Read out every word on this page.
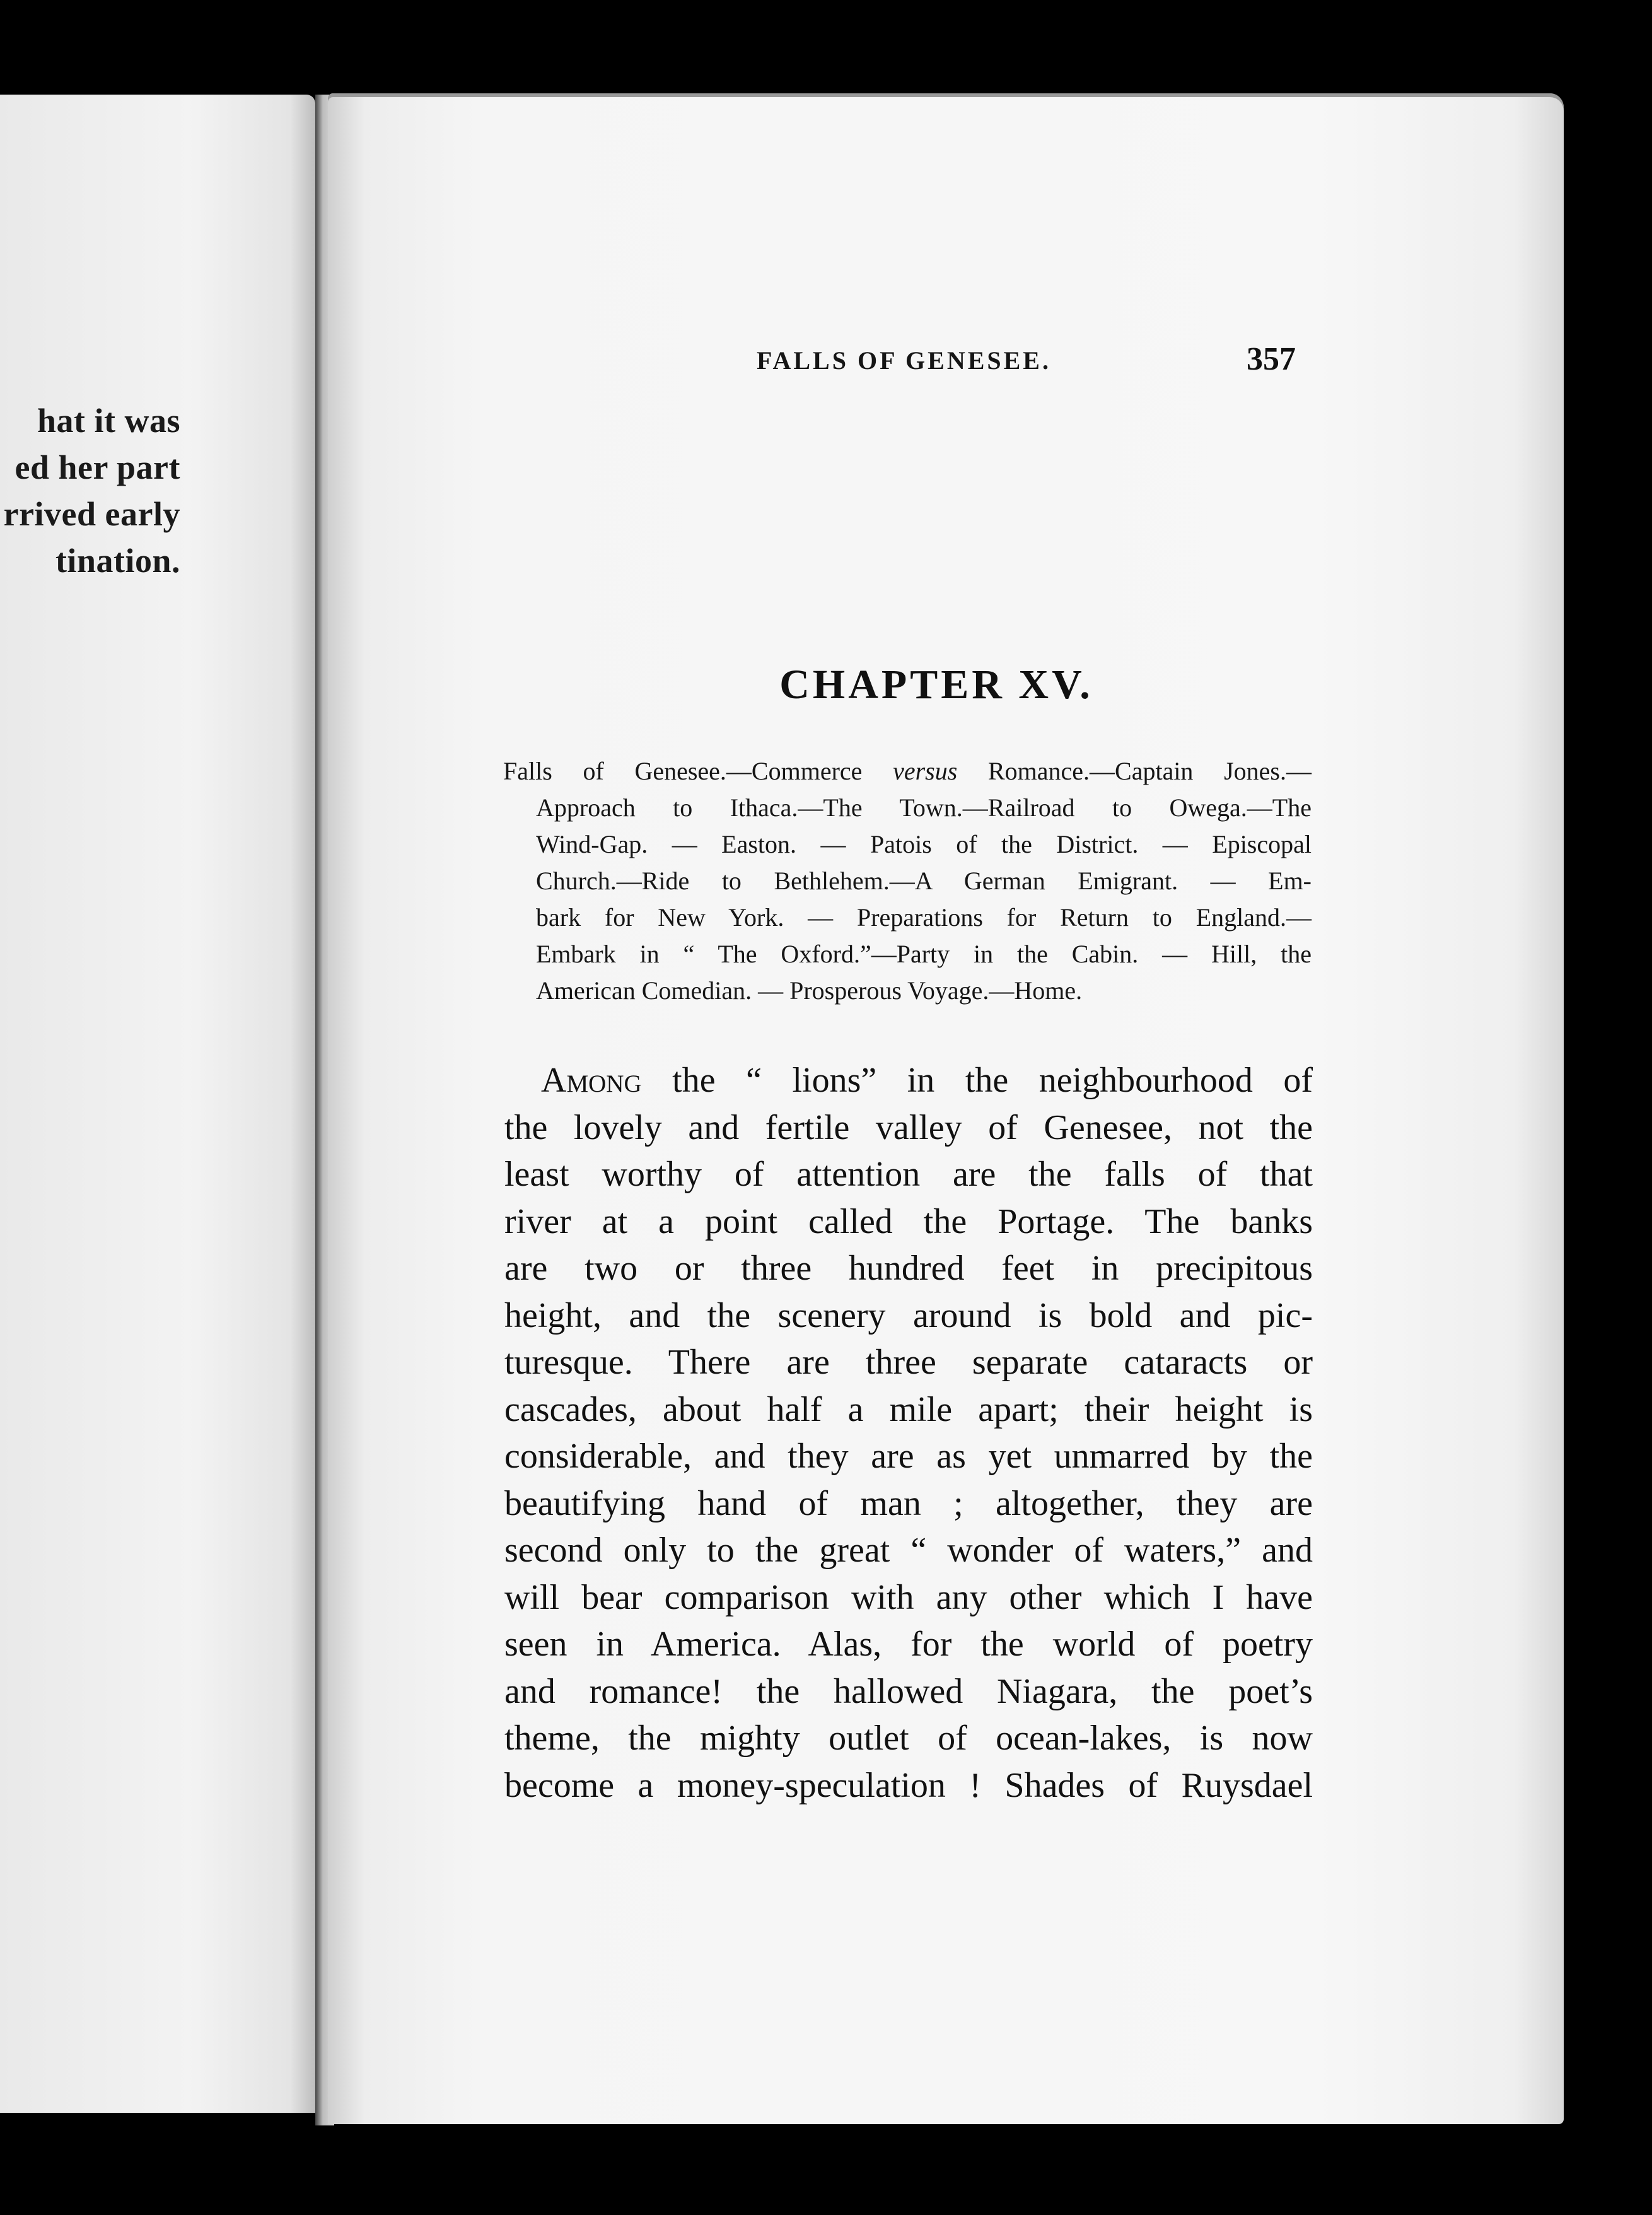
hat it was
ed her part
rrived early
tination.
FALLS OF GENESEE.	357
CHAPTER XV.
Falls of Genesee.—Commerce versus Romance.—Captain Jones.—
Approach to Ithaca.—The Town.—Railroad to Owega.—The
Wind-Gap. — Easton. — Patois of the District. — Episcopal
Church.—Ride to Bethlehem.—A German Emigrant. — Em-
bark for New York. — Preparations for Return to England.—
Embark in “ The Oxford.”—Party in the Cabin. — Hill, the
American Comedian. — Prosperous Voyage.—Home.
Among the “ lions” in the neighbourhood of
the lovely and fertile valley of Genesee, not the
least worthy of attention are the falls of that
river at a point called the Portage. The banks
are two or three hundred feet in precipitous
height, and the scenery around is bold and pic-
turesque. There are three separate cataracts or
cascades, about half a mile apart; their height is
considerable, and they are as yet unmarred by the
beautifying hand of man ; altogether, they are
second only to the great “ wonder of waters,” and
will bear comparison with any other which I have
seen in America. Alas, for the world of poetry
and romance! the hallowed Niagara, the poet’s
theme, the mighty outlet of ocean-lakes, is now
become a money-speculation ! Shades of Ruysdael
